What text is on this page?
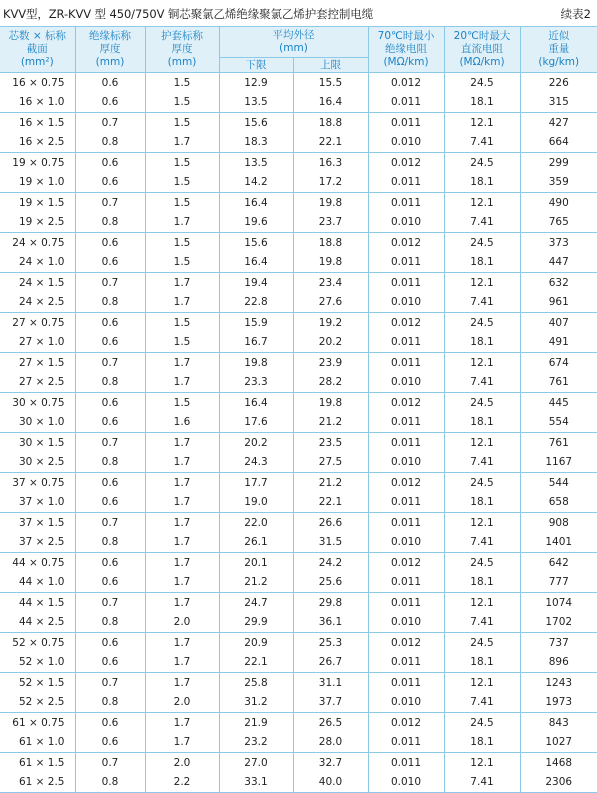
KVV型，ZR-KVV 型 450/750V 铜芯聚氯乙烯绝缘聚氯乙烯护套控制电缆	续表2
芯数 × 标称
截面
(mm²)	绝缘标称
厚度
(mm)	护套标称
厚度
(mm)	平均外径
(mm)		70℃时最小
绝缘电阻
(MΩ/km)	20℃时最大
直流电阻
(MΩ/km)	近似
重量
(kg/km)

			下限	上限			
16 × 0.75	0.6	1.5	12.9	15.5	0.012	24.5	226
16 × 1.0	0.6	1.5	13.5	16.4	0.011	18.1	315
16 × 1.5	0.7	1.5	15.6	18.8	0.011	12.1	427
16 × 2.5	0.8	1.7	18.3	22.1	0.010	7.41	664
19 × 0.75	0.6	1.5	13.5	16.3	0.012	24.5	299
19 × 1.0	0.6	1.5	14.2	17.2	0.011	18.1	359
19 × 1.5	0.7	1.5	16.4	19.8	0.011	12.1	490
19 × 2.5	0.8	1.7	19.6	23.7	0.010	7.41	765
24 × 0.75	0.6	1.5	15.6	18.8	0.012	24.5	373
24 × 1.0	0.6	1.5	16.4	19.8	0.011	18.1	447
24 × 1.5	0.7	1.7	19.4	23.4	0.011	12.1	632
24 × 2.5	0.8	1.7	22.8	27.6	0.010	7.41	961
27 × 0.75	0.6	1.5	15.9	19.2	0.012	24.5	407
27 × 1.0	0.6	1.5	16.7	20.2	0.011	18.1	491
27 × 1.5	0.7	1.7	19.8	23.9	0.011	12.1	674
27 × 2.5	0.8	1.7	23.3	28.2	0.010	7.41	761
30 × 0.75	0.6	1.5	16.4	19.8	0.012	24.5	445
30 × 1.0	0.6	1.6	17.6	21.2	0.011	18.1	554
30 × 1.5	0.7	1.7	20.2	23.5	0.011	12.1	761
30 × 2.5	0.8	1.7	24.3	27.5	0.010	7.41	1167
37 × 0.75	0.6	1.7	17.7	21.2	0.012	24.5	544
37 × 1.0	0.6	1.7	19.0	22.1	0.011	18.1	658
37 × 1.5	0.7	1.7	22.0	26.6	0.011	12.1	908
37 × 2.5	0.8	1.7	26.1	31.5	0.010	7.41	1401
44 × 0.75	0.6	1.7	20.1	24.2	0.012	24.5	642
44 × 1.0	0.6	1.7	21.2	25.6	0.011	18.1	777
44 × 1.5	0.7	1.7	24.7	29.8	0.011	12.1	1074
44 × 2.5	0.8	2.0	29.9	36.1	0.010	7.41	1702
52 × 0.75	0.6	1.7	20.9	25.3	0.012	24.5	737
52 × 1.0	0.6	1.7	22.1	26.7	0.011	18.1	896
52 × 1.5	0.7	1.7	25.8	31.1	0.011	12.1	1243
52 × 2.5	0.8	2.0	31.2	37.7	0.010	7.41	1973
61 × 0.75	0.6	1.7	21.9	26.5	0.012	24.5	843
61 × 1.0	0.6	1.7	23.2	28.0	0.011	18.1	1027
61 × 1.5	0.7	2.0	27.0	32.7	0.011	12.1	1468
61 × 2.5	0.8	2.2	33.1	40.0	0.010	7.41	2306
